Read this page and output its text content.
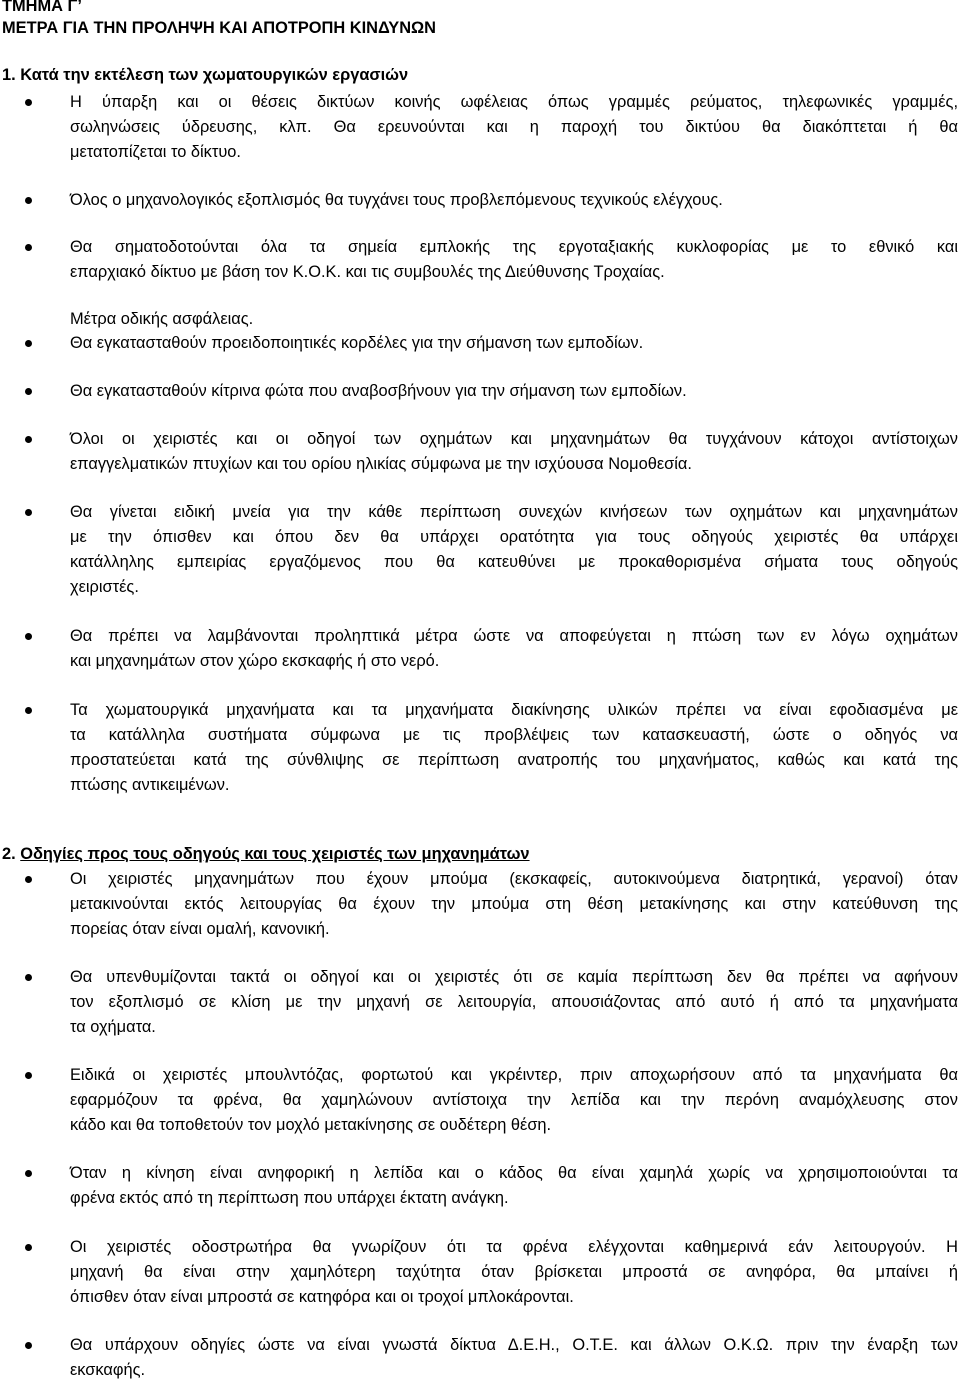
ΤΜΗΜΑ Γ’
ΜΕΤΡΑ ΓΙΑ ΤΗΝ ΠΡΟΛΗΨΗ ΚΑΙ ΑΠΟΤΡΟΠΗ ΚΙΝΔΥΝΩΝ
1. Κατά την εκτέλεση των χωματουργικών εργασιών
2. Οδηγίες προς τους οδηγούς και τους χειριστές των μηχανημάτων
Η ύπαρξη και οι θέσεις δικτύων κοινής ωφέλειας όπως γραμμές ρεύματος, τηλεφωνικές γραμμές,
σωληνώσεις ύδρευσης, κλπ. Θα ερευνούνται και η παροχή του δικτύου θα διακόπτεται ή θα
μετατοπίζεται το δίκτυο.
Όλος ο μηχανολογικός εξοπλισμός θα τυγχάνει τους προβλεπόμενους τεχνικούς ελέγχους.
Θα σηματοδοτούνται όλα τα σημεία εμπλοκής της εργοταξιακής κυκλοφορίας με το εθνικό και
επαρχιακό δίκτυο με βάση τον Κ.Ο.Κ. και τις συμβουλές της Διεύθυνσης Τροχαίας.
Μέτρα οδικής ασφάλειας.
Θα εγκατασταθούν προειδοποιητικές κορδέλες για την σήμανση των εμποδίων.
Θα εγκατασταθούν κίτρινα φώτα που αναβοσβήνουν για την σήμανση των εμποδίων.
Όλοι οι χειριστές και οι οδηγοί των οχημάτων και μηχανημάτων θα τυγχάνουν κάτοχοι αντίστοιχων
επαγγελματικών πτυχίων και του ορίου ηλικίας σύμφωνα με την ισχύουσα Νομοθεσία.
Θα γίνεται ειδική μνεία για την κάθε περίπτωση συνεχών κινήσεων των οχημάτων και μηχανημάτων
με την όπισθεν και όπου δεν θα υπάρχει ορατότητα για τους οδηγούς χειριστές θα υπάρχει
κατάλληλης εμπειρίας εργαζόμενος που θα κατευθύνει με προκαθορισμένα σήματα τους οδηγούς
χειριστές.
Θα πρέπει να λαμβάνονται προληπτικά μέτρα ώστε να αποφεύγεται η πτώση των εν λόγω οχημάτων
και μηχανημάτων στον χώρο εκσκαφής ή στο νερό.
Τα χωματουργικά μηχανήματα και τα μηχανήματα διακίνησης υλικών πρέπει να είναι εφοδιασμένα με
τα κατάλληλα συστήματα σύμφωνα με τις προβλέψεις των κατασκευαστή, ώστε ο οδηγός να
προστατεύεται κατά της σύνθλιψης σε περίπτωση ανατροπής του μηχανήματος, καθώς και κατά της
πτώσης αντικειμένων.
Οι χειριστές μηχανημάτων που έχουν μπούμα (εκσκαφείς, αυτοκινούμενα διατρητικά, γερανοί) όταν
μετακινούνται εκτός λειτουργίας θα έχουν την μπούμα στη θέση μετακίνησης και στην κατεύθυνση της
πορείας όταν είναι ομαλή, κανονική.
Θα υπενθυμίζονται τακτά οι οδηγοί και οι χειριστές ότι σε καμία περίπτωση δεν θα πρέπει να αφήνουν
τον εξοπλισμό σε κλίση με την μηχανή σε λειτουργία, απουσιάζοντας από αυτό ή από τα μηχανήματα
τα οχήματα.
Ειδικά οι χειριστές μπουλντόζας, φορτωτού και γκρέιντερ, πριν αποχωρήσουν από τα μηχανήματα θα
εφαρμόζουν τα φρένα, θα χαμηλώνουν αντίστοιχα την λεπίδα και την περόνη αναμόχλευσης στον
κάδο και θα τοποθετούν τον μοχλό μετακίνησης σε ουδέτερη θέση.
Όταν η κίνηση είναι ανηφορική η λεπίδα και ο κάδος θα είναι χαμηλά χωρίς να χρησιμοποιούνται τα
φρένα εκτός από τη περίπτωση που υπάρχει έκτατη ανάγκη.
Οι χειριστές οδοστρωτήρα θα γνωρίζουν ότι τα φρένα ελέγχονται καθημερινά εάν λειτουργούν. Η
μηχανή θα είναι στην χαμηλότερη ταχύτητα όταν βρίσκεται μπροστά σε ανηφόρα, θα μπαίνει ή
όπισθεν όταν είναι μπροστά σε κατηφόρα και οι τροχοί μπλοκάρονται.
Θα υπάρχουν οδηγίες ώστε να είναι γνωστά δίκτυα Δ.Ε.Η., Ο.Τ.Ε. και άλλων Ο.Κ.Ω. πριν την έναρξη των
εκσκαφής.
